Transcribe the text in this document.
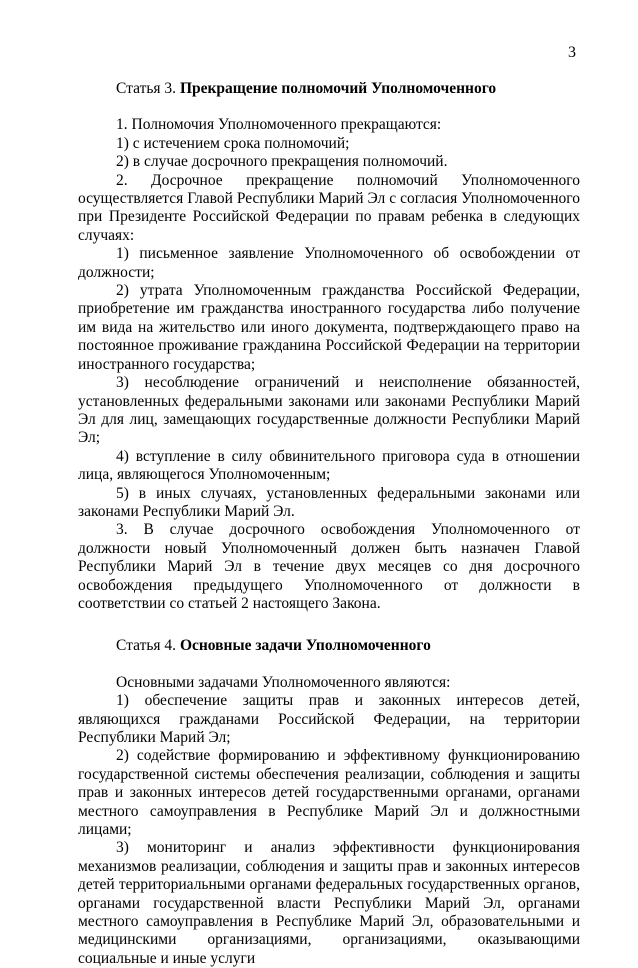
3

Статья 3. Прекращение полномочий Уполномоченного

1. Полномочия Уполномоченного прекращаются:

1) с истечением срока полномочий;

2) в случае досрочного прекращения полномочий.

2. Досрочное прекращение полномочий Уполномоченного осуществляется Главой Республики Марий Эл с согласия Уполномоченного при Президенте Российской Федерации по правам ребенка в следующих случаях:

1) письменное заявление Уполномоченного об освобождении от должности;

2) утрата Уполномоченным гражданства Российской Федерации, приобретение им гражданства иностранного государства либо получение им вида на жительство или иного документа, подтверждающего право на постоянное проживание гражданина Российской Федерации на территории иностранного государства;

3) несоблюдение ограничений и неисполнение обязанностей, установленных федеральными законами или законами Республики Марий Эл для лиц, замещающих государственные должности Республики Марий Эл;

4) вступление в силу обвинительного приговора суда в отношении лица, являющегося Уполномоченным;

5) в иных случаях, установленных федеральными законами или законами Республики Марий Эл.

3. В случае досрочного освобождения Уполномоченного от должности новый Уполномоченный должен быть назначен Главой Республики Марий Эл в течение двух месяцев со дня досрочного освобождения предыдущего Уполномоченного от должности в соответствии со статьей 2 настоящего Закона.

Статья 4. Основные задачи Уполномоченного

Основными задачами Уполномоченного являются:

1) обеспечение защиты прав и законных интересов детей, являющихся гражданами Российской Федерации, на территории Республики Марий Эл;

2) содействие формированию и эффективному функционированию государственной системы обеспечения реализации, соблюдения и защиты прав и законных интересов детей государственными органами, органами местного самоуправления в Республике Марий Эл и должностными лицами;

3) мониторинг и анализ эффективности функционирования механизмов реализации, соблюдения и защиты прав и законных интересов детей территориальными органами федеральных государственных органов, органами государственной власти Республики Марий Эл, органами местного самоуправления в Республике Марий Эл, образовательными и медицинскими организациями, организациями, оказывающими социальные и иные услуги
